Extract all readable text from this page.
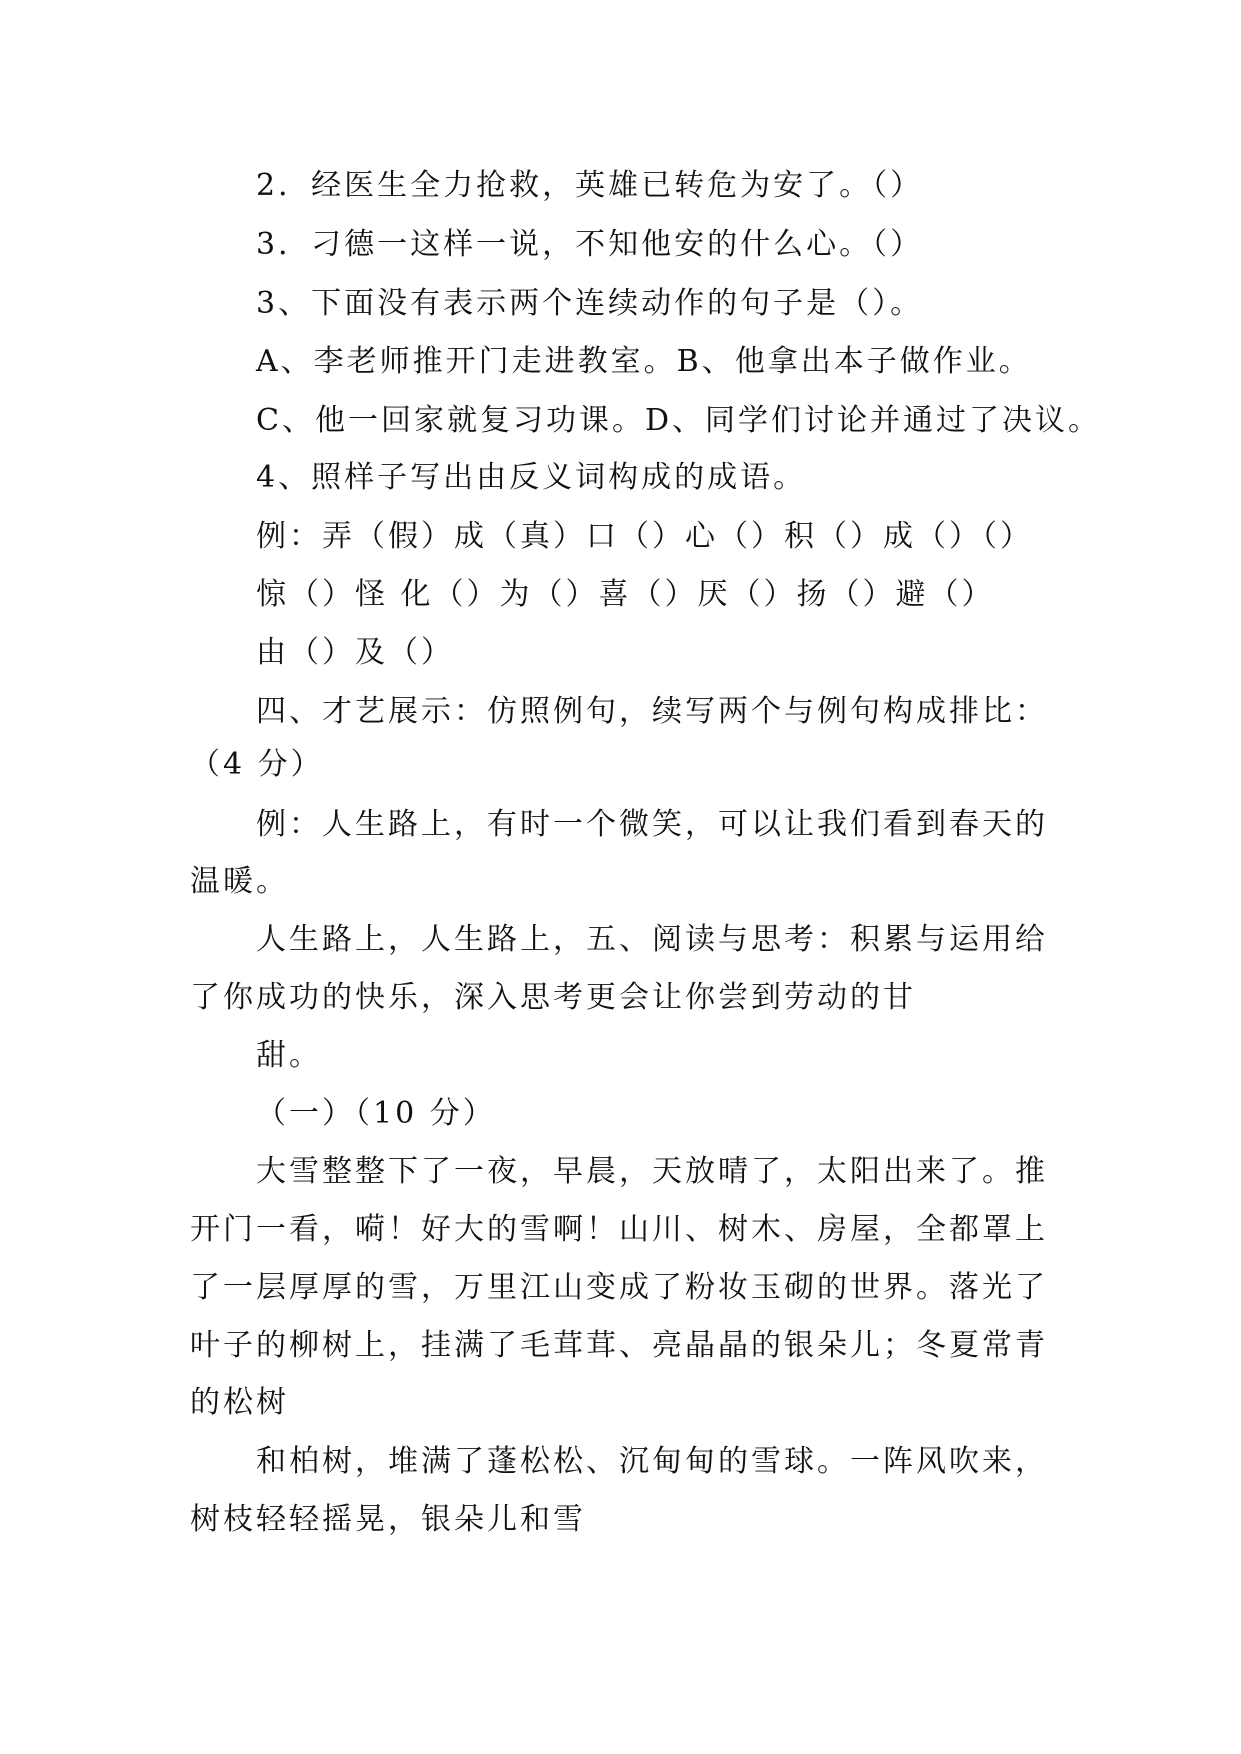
2．经医生全力抢救，英雄已转危为安了。（）
3．刁德一这样一说，不知他安的什么心。（）
3、下面没有表示两个连续动作的句子是（）。
A、李老师推开门走进教室。B、他拿出本子做作业。
C、他一回家就复习功课。D、同学们讨论并通过了决议。
4、照样子写出由反义词构成的成语。
例：弄（假）成（真）口（）心（）积（）成（）（）
惊（）怪 化（）为（）喜（）厌（）扬（）避（）
由（）及（）
四、才艺展示：仿照例句，续写两个与例句构成排比：
（4 分）
例：人生路上，有时一个微笑，可以让我们看到春天的
温暖。
人生路上，人生路上，五、阅读与思考：积累与运用给
了你成功的快乐，深入思考更会让你尝到劳动的甘
甜。
（一）（10 分）
大雪整整下了一夜，早晨，天放晴了，太阳出来了。推
开门一看，嗬！好大的雪啊！山川、树木、房屋，全都罩上
了一层厚厚的雪，万里江山变成了粉妆玉砌的世界。落光了
叶子的柳树上，挂满了毛茸茸、亮晶晶的银朵儿；冬夏常青
的松树
和柏树，堆满了蓬松松、沉甸甸的雪球。一阵风吹来，
树枝轻轻摇晃，银朵儿和雪
